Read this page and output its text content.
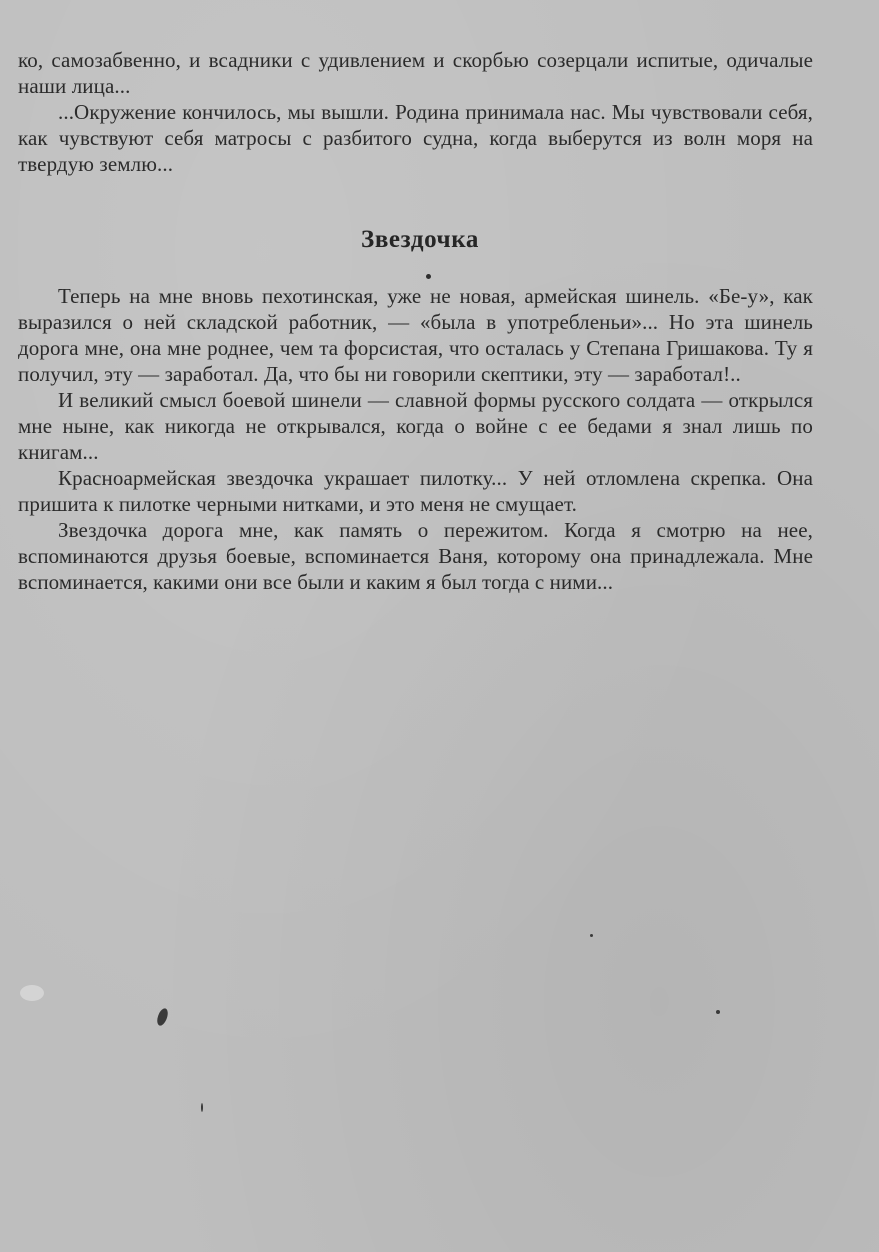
ко, самозабвенно, и всадники с удивлением и скорбью созерцали испитые, одичалые наши лица...

...Окружение кончилось, мы вышли. Родина принимала нас. Мы чувствовали себя, как чувствуют себя матросы с разбитого судна, когда выберутся из волн моря на твердую землю...

Звездочка

Теперь на мне вновь пехотинская, уже не новая, армейская шинель. «Бе-у», как выразился о ней складской работник, — «была в употребленьи»... Но эта шинель дорога мне, она мне роднее, чем та форсистая, что осталась у Степана Гришакова. Ту я получил, эту — заработал. Да, что бы ни говорили скептики, эту — заработал!..

И великий смысл боевой шинели — славной формы русского солдата — открылся мне ныне, как никогда не открывался, когда о войне с ее бедами я знал лишь по книгам...

Красноармейская звездочка украшает пилотку... У ней отломлена скрепка. Она пришита к пилотке черными нитками, и это меня не смущает.

Звездочка дорога мне, как память о пережитом. Когда я смотрю на нее, вспоминаются друзья боевые, вспоминается Ваня, которому она принадлежала. Мне вспоминается, какими они все были и каким я был тогда с ними...
